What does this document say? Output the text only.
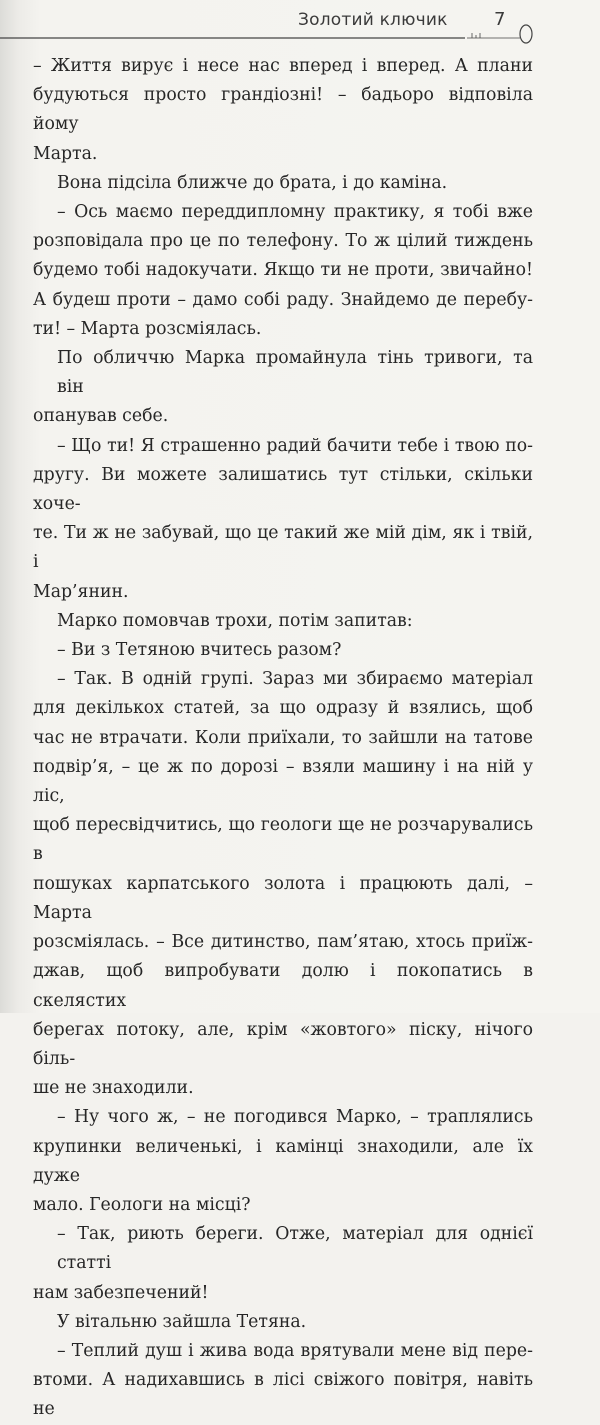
Золотий ключик	7

– Життя вирує і несе нас вперед і вперед. А плани

будуються просто грандіозні! – бадьоро відповіла йому

Марта.

Вона підсіла ближче до брата, і до каміна.

– Ось маємо переддипломну практику, я тобі вже

розповідала про це по телефону. То ж цілий тиждень

будемо тобі надокучати. Якщо ти не проти, звичайно!

А будеш проти – дамо собі раду. Знайдемо де перебу-

ти! – Марта розсміялась.

По обличчю Марка промайнула тінь тривоги, та він

опанував себе.

– Що ти! Я страшенно радий бачити тебе і твою по-

другу. Ви можете залишатись тут стільки, скільки хоче-

те. Ти ж не забувай, що це такий же мій дім, як і твій, і

Мар’янин.

Марко помовчав трохи, потім запитав:

– Ви з Тетяною вчитесь разом?

– Так. В одній групі. Зараз ми збираємо матеріал

для декількох статей, за що одразу й взялись, щоб

час не втрачати. Коли приїхали, то зайшли на татове

подвір’я, – це ж по дорозі – взяли машину і на ній у ліс,

щоб пересвідчитись, що геологи ще не розчарувались в

пошуках карпатського золота і працюють далі, – Марта

розсміялась. – Все дитинство, пам’ятаю, хтось приїж-

джав, щоб випробувати долю і покопатись в скелястих

берегах потоку, але, крім «жовтого» піску, нічого біль-

ше не знаходили.

– Ну чого ж, – не погодився Марко, – траплялись

крупинки величенькі, і камінці знаходили, але їх дуже

мало. Геологи на місці?

– Так, риють береги. Отже, матеріал для однієї статті

нам забезпечений!

У вітальню зайшла Тетяна.

– Теплий душ і жива вода врятували мене від пере-

втоми. А надихавшись в лісі свіжого повітря, навіть не
